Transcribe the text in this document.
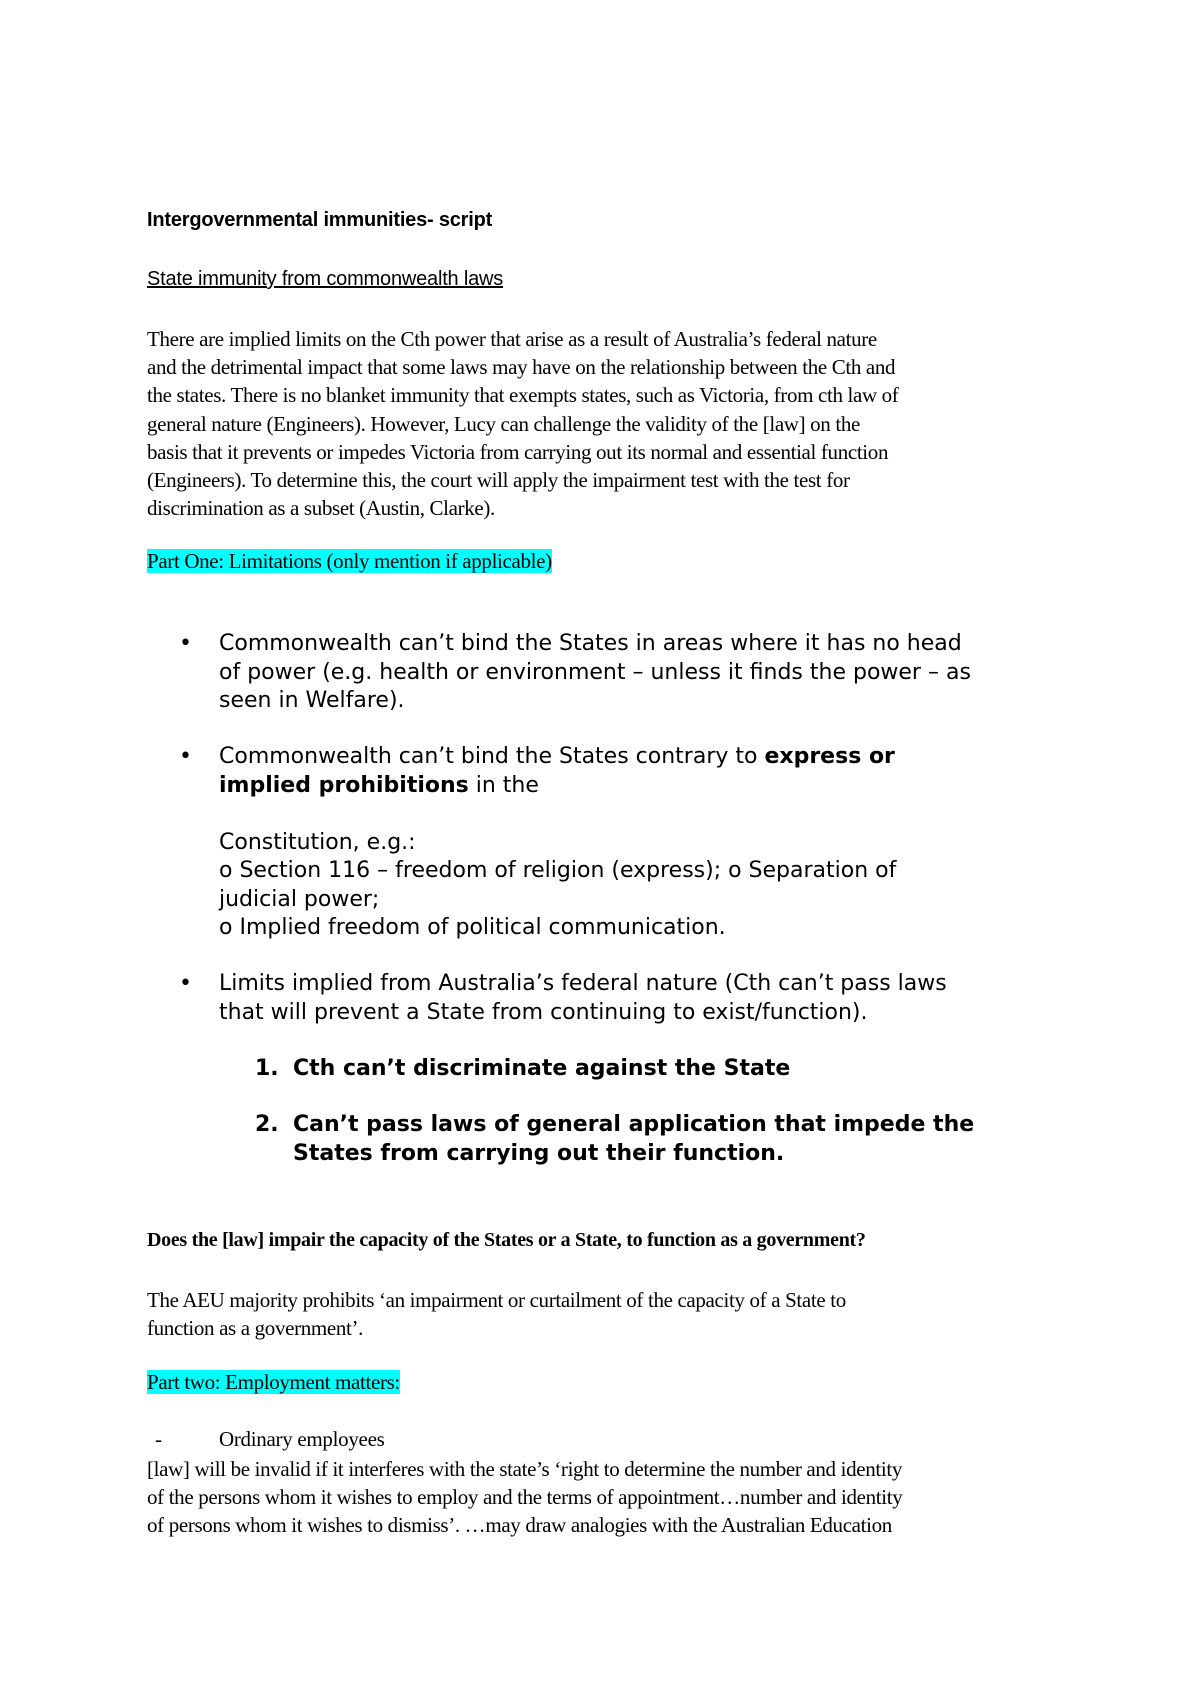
Intergovernmental immunities- script
State immunity from commonwealth laws

There are implied limits on the Cth power that arise as a result of Australia’s federal nature
and the detrimental impact that some laws may have on the relationship between the Cth and
the states. There is no blanket immunity that exempts states, such as Victoria, from cth law of
general nature (Engineers). However, Lucy can challenge the validity of the [law] on the
basis that it prevents or impedes Victoria from carrying out its normal and essential function
(Engineers). To determine this, the court will apply the impairment test with the test for
discrimination as a subset (Austin, Clarke).

Part One: Limitations (only mention if applicable)
• Commonwealth can’t bind the States in areas where it has no head
of power (e.g. health or environment – unless it finds the power – as
seen in Welfare).
• Commonwealth can’t bind the States contrary to express or
implied prohibitions in the
Constitution, e.g.:
o Section 116 – freedom of religion (express); o Separation of
judicial power;
o Implied freedom of political communication.
• Limits implied from Australia’s federal nature (Cth can’t pass laws
that will prevent a State from continuing to exist/function).
1. Cth can’t discriminate against the State
2. Can’t pass laws of general application that impede the
States from carrying out their function.
Does the [law] impair the capacity of the States or a State, to function as a government?

The AEU majority prohibits ‘an impairment or curtailment of the capacity of a State to
function as a government’.

Part two: Employment matters:
-	Ordinary employees

[law] will be invalid if it interferes with the state’s ‘right to determine the number and identity
of the persons whom it wishes to employ and the terms of appointment…number and identity
of persons whom it wishes to dismiss’. …may draw analogies with the Australian Education
